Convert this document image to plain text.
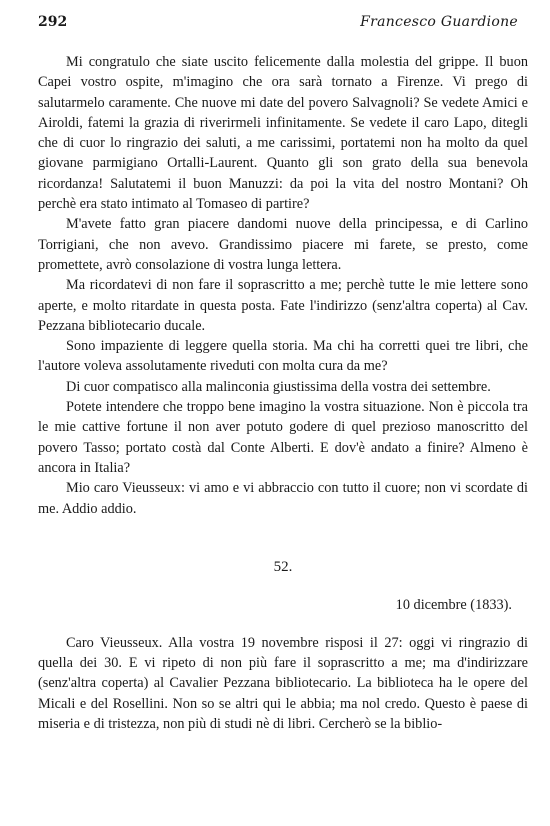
292	Francesco Guardione

Mi congratulo che siate uscito felicemente dalla molestia del grippe. Il buon Capei vostro ospite, m'imagino che ora sarà tornato a Firenze. Vi prego di salutarmelo caramente. Che nuove mi date del povero Salvagnoli? Se vedete Amici e Airoldi, fatemi la grazia di riverirmeli infinitamente. Se vedete il caro Lapo, ditegli che di cuor lo ringrazio dei saluti, a me carissimi, portatemi non ha molto da quel giovane parmigiano Ortalli-Laurent. Quanto gli son grato della sua benevola ricordanza! Salutatemi il buon Manuzzi: da poi la vita del nostro Montani? Oh perchè era stato intimato al Tomaseo di partire?

M'avete fatto gran piacere dandomi nuove della principessa, e di Carlino Torrigiani, che non avevo. Grandissimo piacere mi farete, se presto, come promettete, avrò consolazione di vostra lunga lettera.

Ma ricordatevi di non fare il soprascritto a me; perchè tutte le mie lettere sono aperte, e molto ritardate in questa posta. Fate l'indirizzo (senz'altra coperta) al Cav. Pezzana bibliotecario ducale.

Sono impaziente di leggere quella storia. Ma chi ha corretti quei tre libri, che l'autore voleva assolutamente riveduti con molta cura da me?

Di cuor compatisco alla malinconia giustissima della vostra dei settembre.

Potete intendere che troppo bene imagino la vostra situazione. Non è piccola tra le mie cattive fortune il non aver potuto godere di quel prezioso manoscritto del povero Tasso; portato costà dal Conte Alberti. E dov'è andato a finire? Almeno è ancora in Italia?

Mio caro Vieusseux: vi amo e vi abbraccio con tutto il cuore; non vi scordate di me. Addio addio.

52.
10 dicembre (1833).

Caro Vieusseux. Alla vostra 19 novembre risposi il 27: oggi vi ringrazio di quella dei 30. E vi ripeto di non più fare il soprascritto a me; ma d'indirizzare (senz'altra coperta) al Cavalier Pezzana bibliotecario. La biblioteca ha le opere del Micali e del Rosellini. Non so se altri qui le abbia; ma nol credo. Questo è paese di miseria e di tristezza, non più di studi nè di libri. Cercherò se la biblio-
